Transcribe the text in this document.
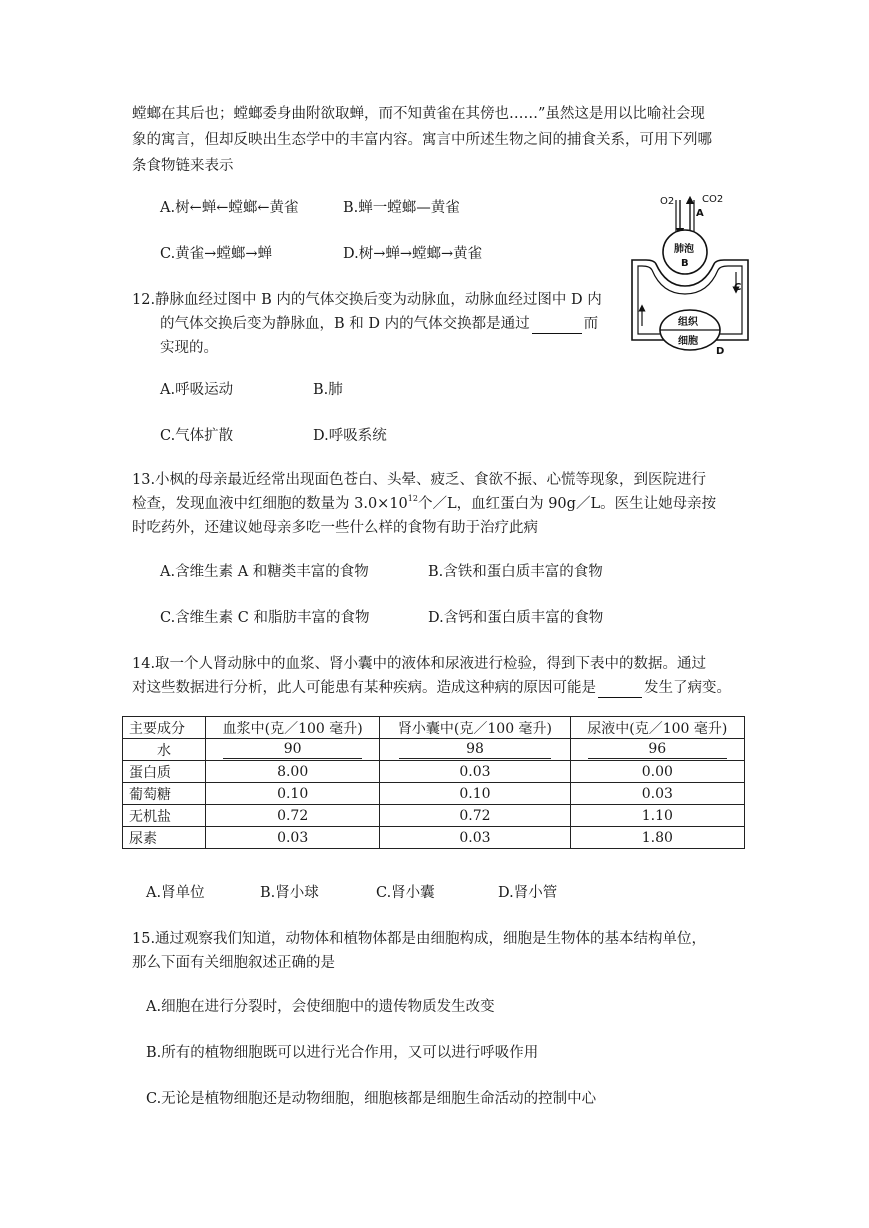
螳螂在其后也；螳螂委身曲附欲取蝉，而不知黄雀在其傍也……”虽然这是用以比喻社会现
象的寓言，但却反映出生态学中的丰富内容。寓言中所述生物之间的捕食关系，可用下列哪
条食物链来表示
A.树←蝉←螳螂←黄雀	B.蝉一螳螂—黄雀
C.黄雀→螳螂→蝉	D.树→蝉→螳螂→黄雀
12.静脉血经过图中 B 内的气体交换后变为动脉血，动脉血经过图中 D 内
的气体交换后变为静脉血，B 和 D 内的气体交换都是通过	而
实现的。
A.呼吸运动	B.肺
C.气体扩散	D.呼吸系统
O2	CO2
A
肺泡
B
C
组织
细胞
D
13.小枫的母亲最近经常出现面色苍白、头晕、疲乏、食欲不振、心慌等现象，到医院进行
检查，发现血液中红细胞的数量为 $3.0\times 10^{12}$个／L，血红蛋白为 90g／L。医生让她母亲按
时吃药外，还建议她母亲多吃一些什么样的食物有助于治疗此病
A.含维生素 A 和糖类丰富的食物	B.含铁和蛋白质丰富的食物
C.含维生素 C 和脂肪丰富的食物	D.含钙和蛋白质丰富的食物
14.取一个人肾动脉中的血浆、肾小囊中的液体和尿液进行检验，得到下表中的数据。通过
对这些数据进行分析，此人可能患有某种疾病。造成这种病的原因可能是	发生了病变。
主要成分	血浆中(克／100 毫升)	肾小囊中(克／100 毫升)	尿液中(克／100 毫升)
水	90	98	96
蛋白质	8.00	0.03	0.00
葡萄糖	0.10	0.10	0.03
无机盐	0.72	0.72	1.10
尿素	0.03	0.03	1.80
A.肾单位	B.肾小球	C.肾小囊	D.肾小管
15.通过观察我们知道，动物体和植物体都是由细胞构成，细胞是生物体的基本结构单位，
那么下面有关细胞叙述正确的是
A.细胞在进行分裂时，会使细胞中的遗传物质发生改变
B.所有的植物细胞既可以进行光合作用，又可以进行呼吸作用
C.无论是植物细胞还是动物细胞，细胞核都是细胞生命活动的控制中心
